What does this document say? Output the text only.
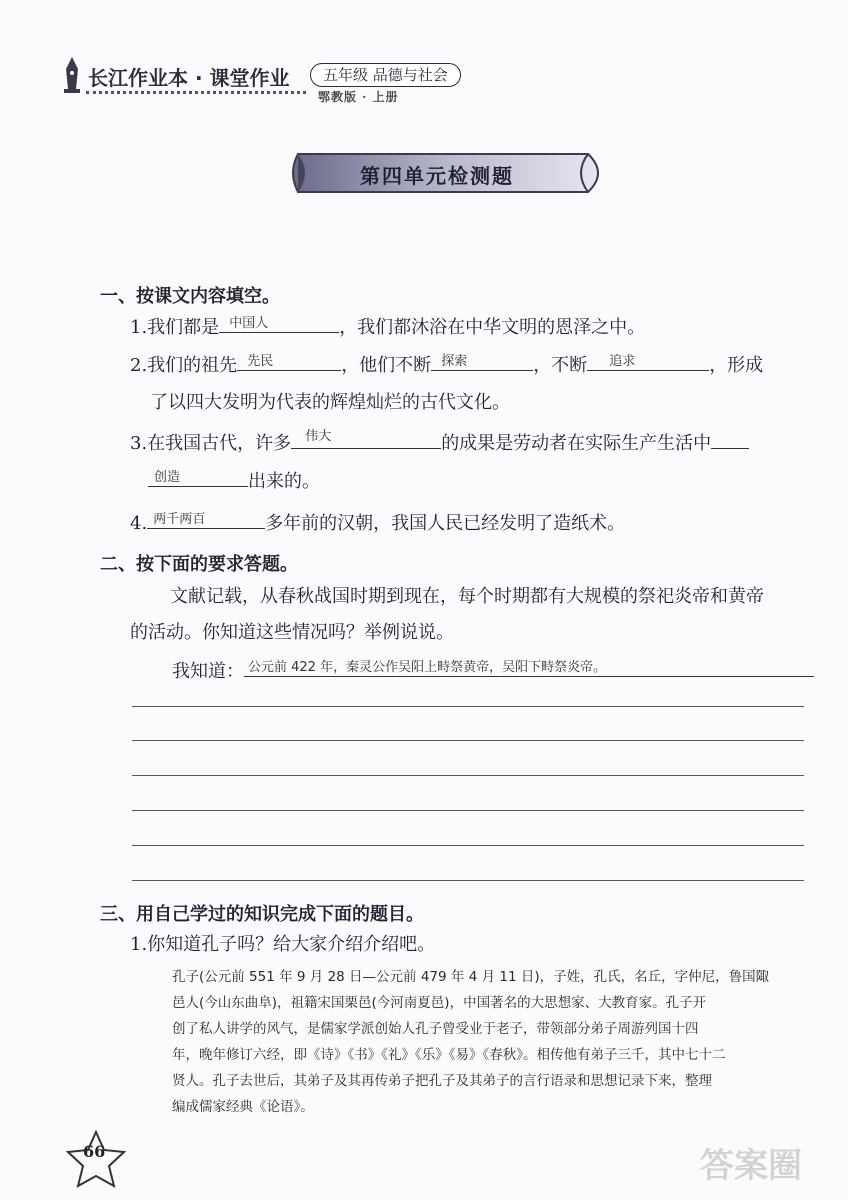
长江作业本 · 课堂作业	五年级 品德与社会
鄂教版 · 上册
第四单元检测题
一、按课文内容填空。
1.我们都是 中国人	，我们都沐浴在中华文明的恩泽之中。
2.我们的祖先 先民	，他们不断 探索	，不断 追求	，形成
了以四大发明为代表的辉煌灿烂的古代文化。
3.在我国古代，许多 伟大	的成果是劳动者在实际生产生活中
创造	出来的。
4. 两千两百	多年前的汉朝，我国人民已经发明了造纸术。
二、按下面的要求答题。
文献记载，从春秋战国时期到现在，每个时期都有大规模的祭祀炎帝和黄帝
的活动。你知道这些情况吗？举例说说。
我知道： 公元前 422 年，秦灵公作吴阳上畤祭黄帝，吴阳下畤祭炎帝。
三、用自己学过的知识完成下面的题目。
1.你知道孔子吗？给大家介绍介绍吧。
孔子(公元前 551 年 9 月 28 日—公元前 479 年 4 月 11 日)，子姓，孔氏，名丘，字仲尼，鲁国陬
邑人(今山东曲阜)，祖籍宋国栗邑(今河南夏邑)，中国著名的大思想家、大教育家。孔子开
创了私人讲学的风气，是儒家学派创始人孔子曾受业于老子，带领部分弟子周游列国十四
年，晚年修订六经，即《诗》《书》《礼》《乐》《易》《春秋》。相传他有弟子三千，其中七十二
贤人。孔子去世后，其弟子及其再传弟子把孔子及其弟子的言行语录和思想记录下来，整理
编成儒家经典《论语》。
66	答案圈
